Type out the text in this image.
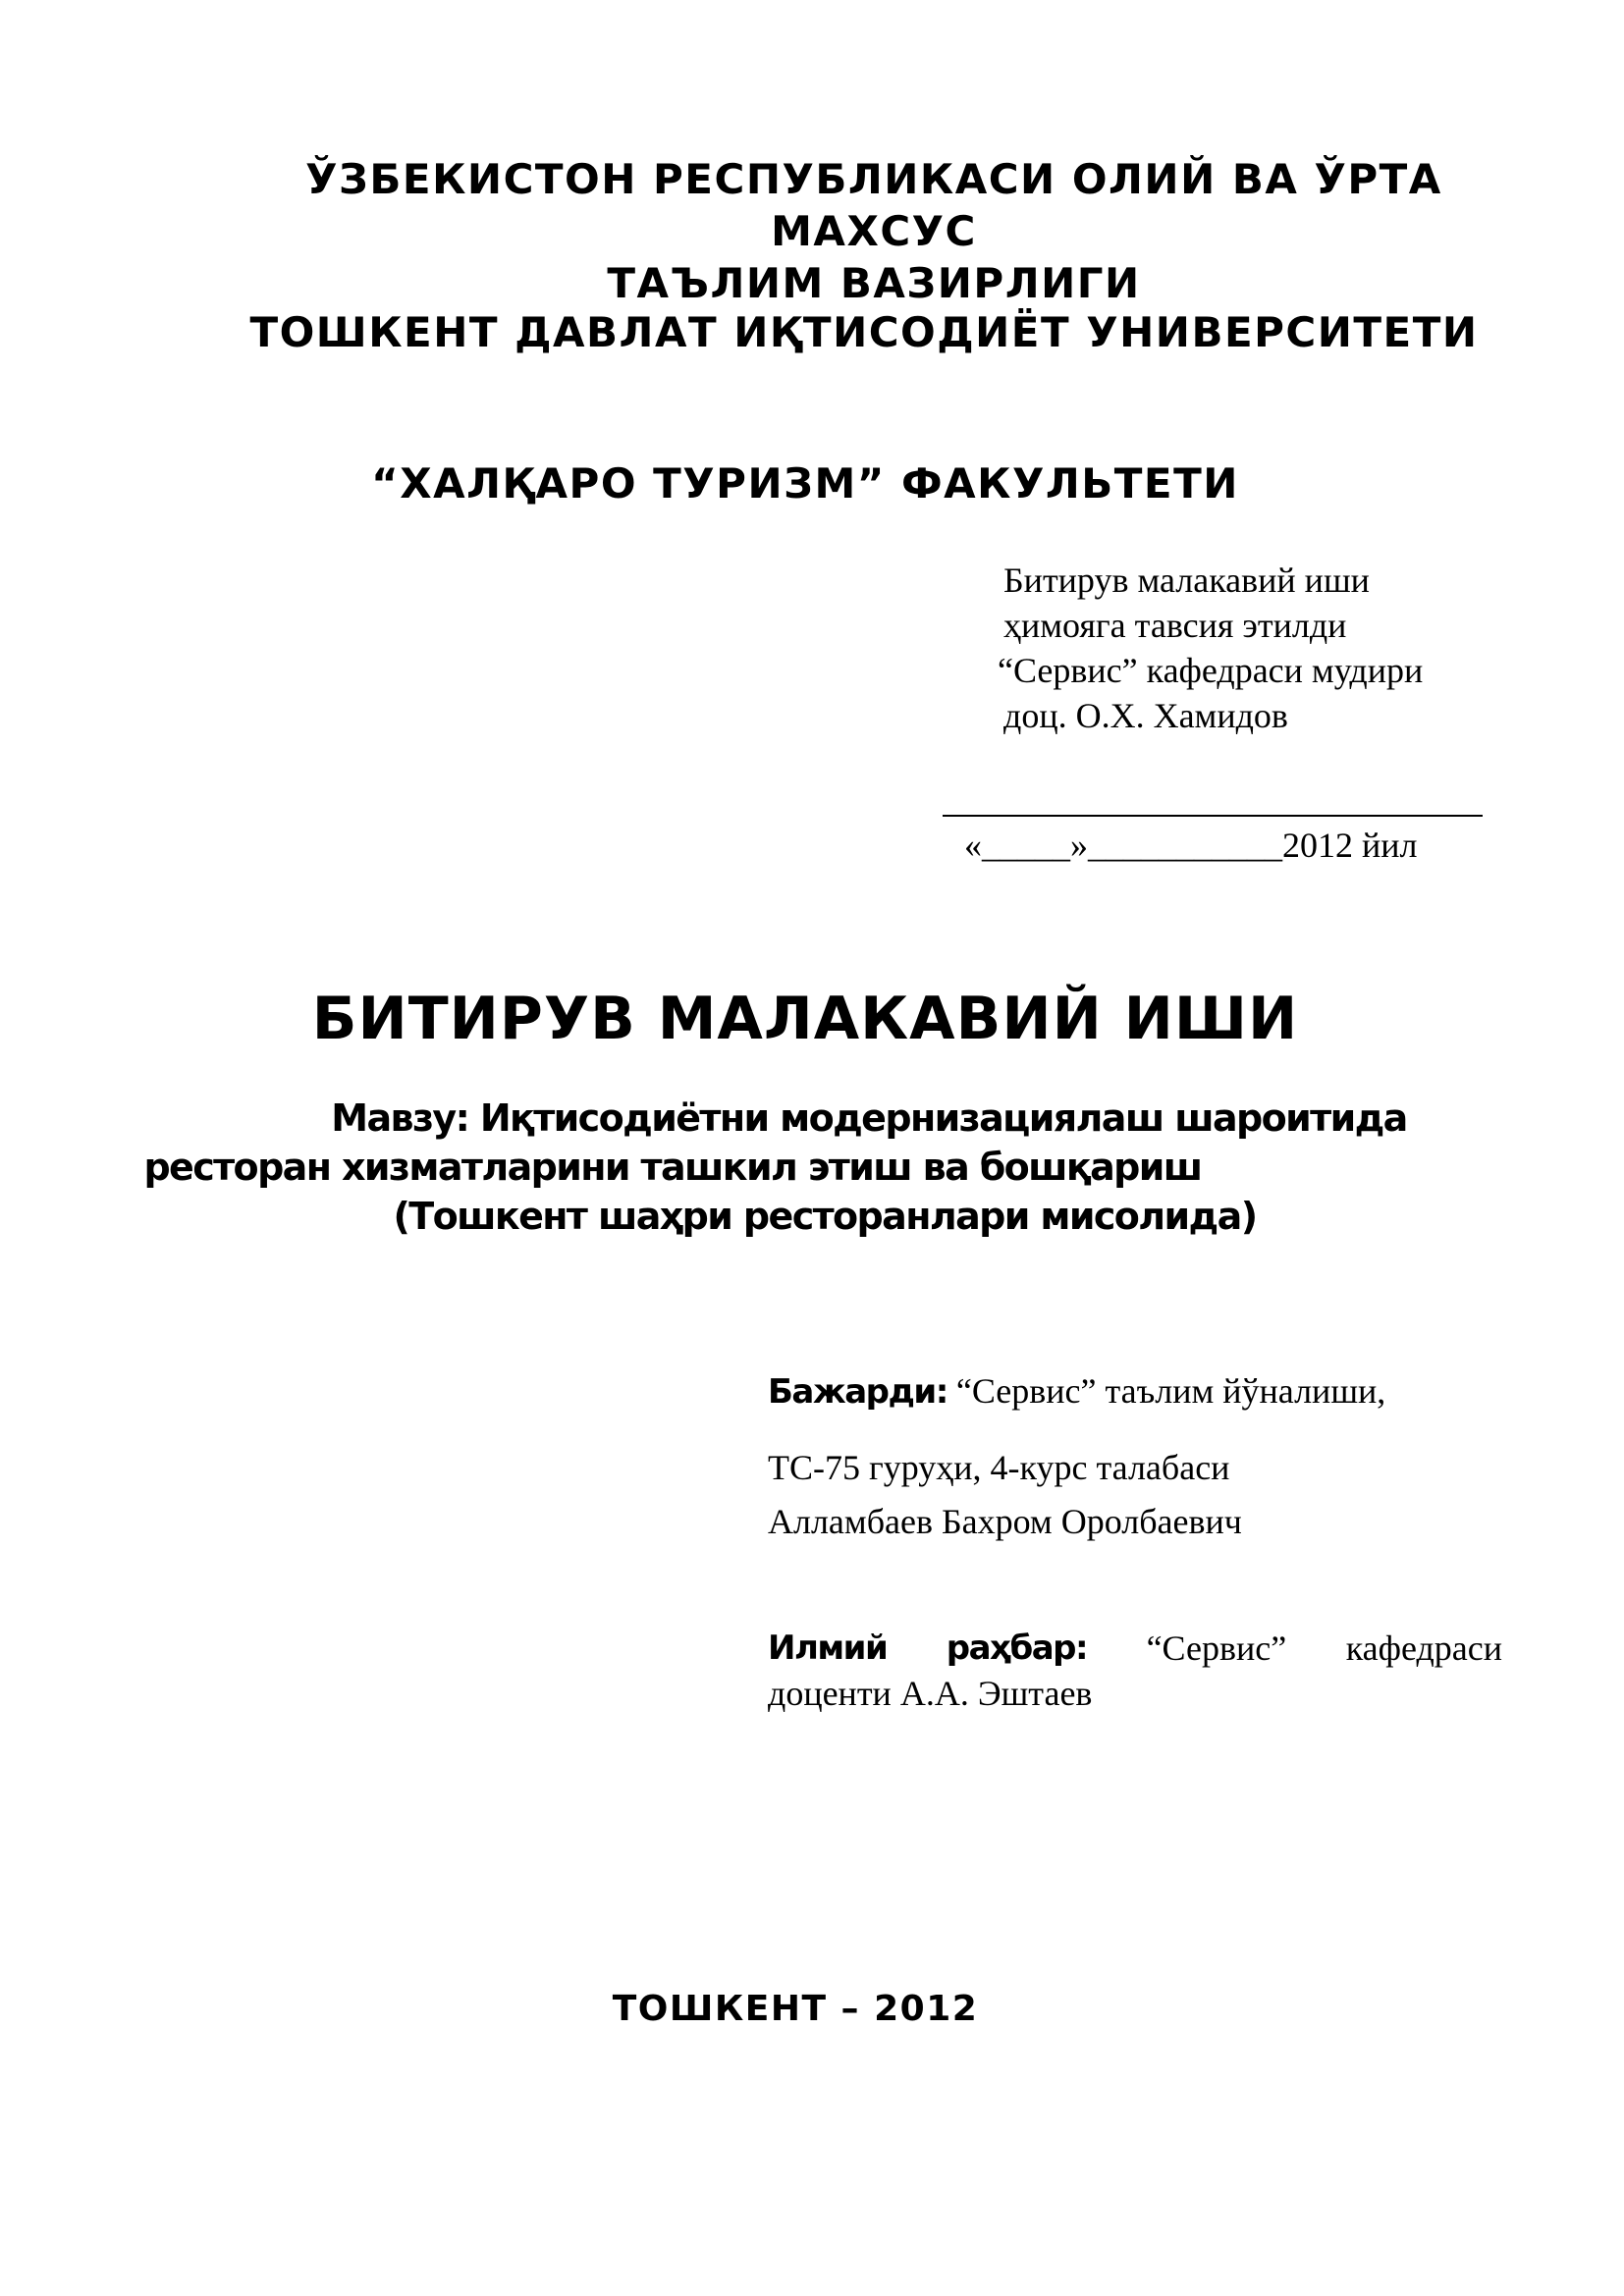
ЎЗБЕКИСТОН РЕСПУБЛИКАСИ ОЛИЙ ВА ЎРТА МАХСУС
ТАЪЛИМ ВАЗИРЛИГИ
ТОШКЕНТ ДАВЛАТ ИҚТИСОДИЁТ УНИВЕРСИТЕТИ
“ХАЛҚАРО ТУРИЗМ” ФАКУЛЬТЕТИ
Битирув малакавий иши
ҳимояга тавсия этилди
“Сервис” кафедраси мудири
доц. О.Х. Хамидов
«_____»___________2012 йил
БИТИРУВ МАЛАКАВИЙ ИШИ
Мавзу: Иқтисодиётни модернизациялаш шароитида
ресторан хизматларини ташкил этиш ва бошқариш
(Тошкент шаҳри ресторанлари мисолида)
Бажарди: “Сервис” таълим йўналиши,
ТС-75 гуруҳи, 4-курс талабаси
Алламбаев Бахром Оролбаевич
Илмий раҳбар: “Сервис” кафедраси
доценти А.А. Эштаев
ТОШКЕНТ – 2012
